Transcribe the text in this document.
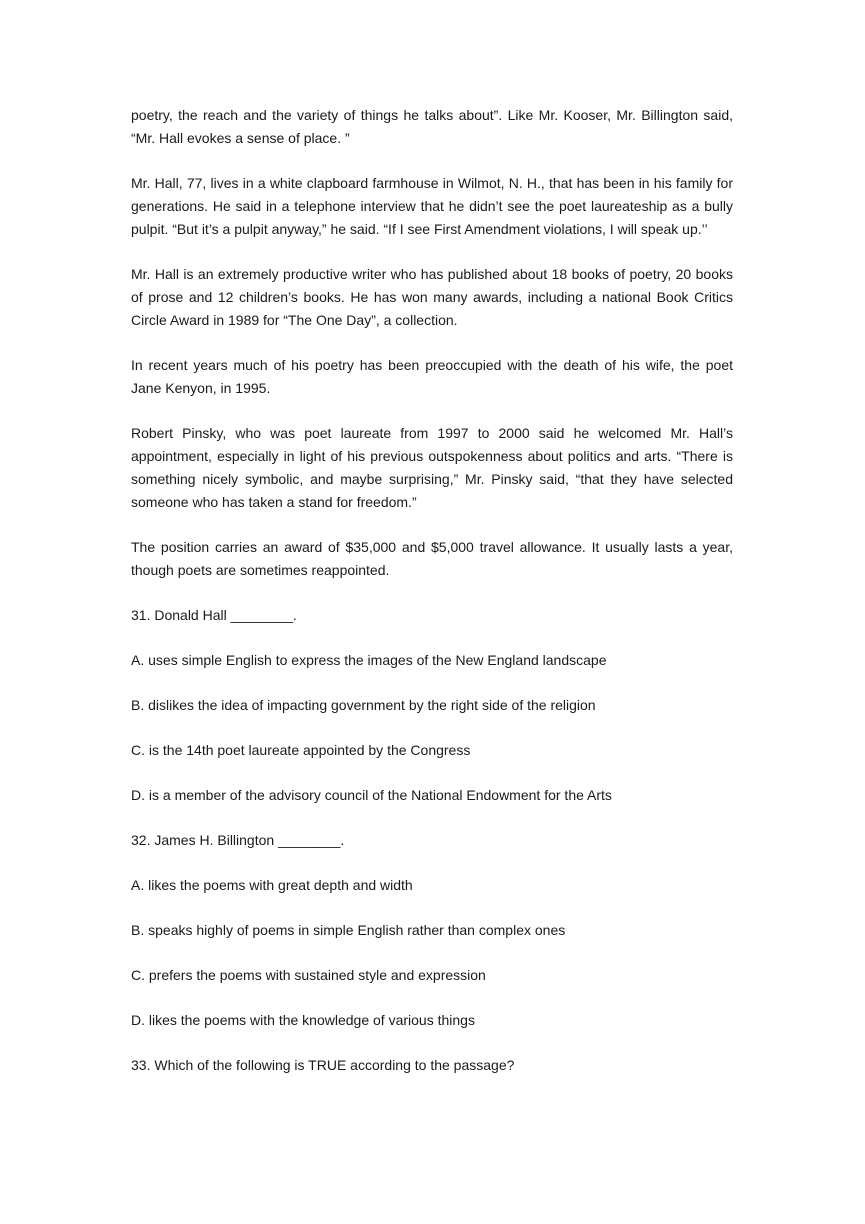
poetry, the reach and the variety of things he talks about”. Like Mr. Kooser, Mr. Billington said, “Mr. Hall evokes a sense of place. ”

Mr. Hall, 77, lives in a white clapboard farmhouse in Wilmot, N. H., that has been in his family for generations. He said in a telephone interview that he didn’t see the poet laureateship as a bully pulpit. “But it’s a pulpit anyway,” he said. “If I see First Amendment violations, I will speak up.’’

Mr. Hall is an extremely productive writer who has published about 18 books of poetry, 20 books of prose and 12 children’s books. He has won many awards, including a national Book Critics Circle Award in 1989 for “The One Day”, a collection.

In recent years much of his poetry has been preoccupied with the death of his wife, the poet Jane Kenyon, in 1995.

Robert Pinsky, who was poet laureate from 1997 to 2000 said he welcomed Mr. Hall’s appointment, especially in light of his previous outspokenness about politics and arts. “There is something nicely symbolic, and maybe surprising,” Mr. Pinsky said, “that they have selected someone who has taken a stand for freedom.”

The position carries an award of $35,000 and $5,000 travel allowance. It usually lasts a year, though poets are sometimes reappointed.

31. Donald Hall ________.

A. uses simple English to express the images of the New England landscape

B. dislikes the idea of impacting government by the right side of the religion

C. is the 14th poet laureate appointed by the Congress

D. is a member of the advisory council of the National Endowment for the Arts

32. James H. Billington ________.

A. likes the poems with great depth and width

B. speaks highly of poems in simple English rather than complex ones

C. prefers the poems with sustained style and expression

D. likes the poems with the knowledge of various things

33. Which of the following is TRUE according to the passage?
